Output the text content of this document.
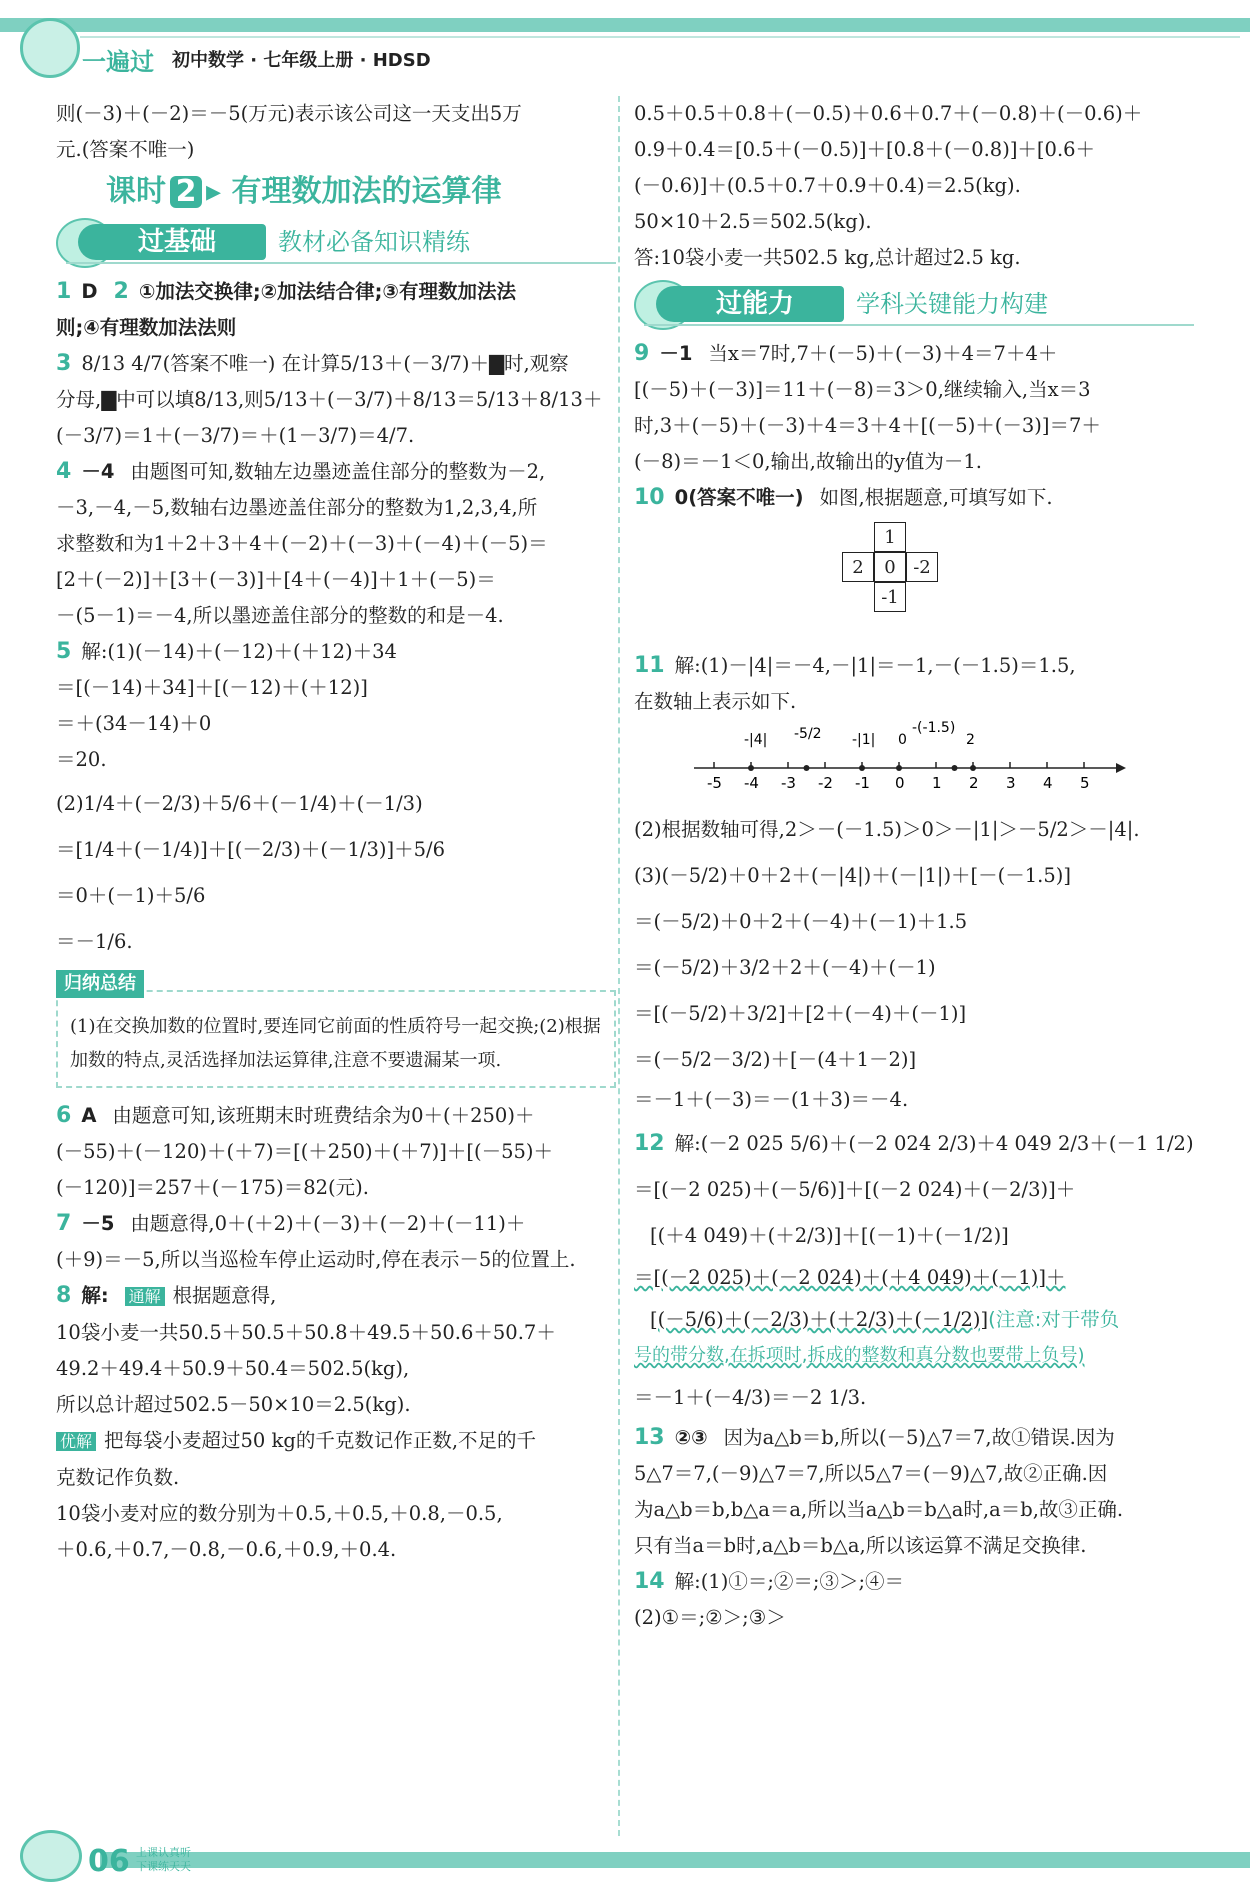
一遍过 初中数学 · 七年级上册 · HDSD

则(－3)＋(－2)＝－5(万元)表示该公司这一天支出5万

元.(答案不唯一)

课时 2 ▸ 有理数加法的运算律
过基础	教材必备知识精练

1 D 2 ①加法交换律;②加法结合律;③有理数加法法

则;④有理数加法法则

3 8/13 4/7(答案不唯一) 在计算5/13＋(－3/7)＋▇时,观察

分母,▇中可以填8/13,则5/13＋(－3/7)＋8/13＝5/13＋8/13＋

(－3/7)＝1＋(－3/7)＝＋(1－3/7)＝4/7.

4 －4 由题图可知,数轴左边墨迹盖住部分的整数为－2,

－3,－4,－5,数轴右边墨迹盖住部分的整数为1,2,3,4,所

求整数和为1＋2＋3＋4＋(－2)＋(－3)＋(－4)＋(－5)＝

[2＋(－2)]＋[3＋(－3)]＋[4＋(－4)]＋1＋(－5)＝

－(5－1)＝－4,所以墨迹盖住部分的整数的和是－4.

5 解:(1)(－14)＋(－12)＋(＋12)＋34

＝[(－14)＋34]＋[(－12)＋(＋12)]

＝＋(34－14)＋0

＝20.

(2)1/4＋(－2/3)＋5/6＋(－1/4)＋(－1/3)

＝[1/4＋(－1/4)]＋[(－2/3)＋(－1/3)]＋5/6

＝0＋(－1)＋5/6

＝－1/6.

归纳总结
(1)在交换加数的位置时,要连同它前面的性质符号一起交换;(2)根据加数的特点,灵活选择加法运算律,注意不要遗漏某一项.

6 A 由题意可知,该班期末时班费结余为0＋(＋250)＋

(－55)＋(－120)＋(＋7)＝[(＋250)＋(＋7)]＋[(－55)＋

(－120)]＝257＋(－175)＝82(元).

7 －5 由题意得,0＋(＋2)＋(－3)＋(－2)＋(－11)＋

(＋9)＝－5,所以当巡检车停止运动时,停在表示－5的位置上.

8 解: 通解 根据题意得,

10袋小麦一共50.5＋50.5＋50.8＋49.5＋50.6＋50.7＋

49.2＋49.4＋50.9＋50.4＝502.5(kg),

所以总计超过502.5－50×10＝2.5(kg).

优解 把每袋小麦超过50 kg的千克数记作正数,不足的千

克数记作负数.

10袋小麦对应的数分别为＋0.5,＋0.5,＋0.8,－0.5,

＋0.6,＋0.7,－0.8,－0.6,＋0.9,＋0.4.

0.5＋0.5＋0.8＋(－0.5)＋0.6＋0.7＋(－0.8)＋(－0.6)＋

0.9＋0.4＝[0.5＋(－0.5)]＋[0.8＋(－0.8)]＋[0.6＋

(－0.6)]＋(0.5＋0.7＋0.9＋0.4)＝2.5(kg).

50×10＋2.5＝502.5(kg).

答:10袋小麦一共502.5 kg,总计超过2.5 kg.

过能力	学科关键能力构建

9 －1 当x＝7时,7＋(－5)＋(－3)＋4＝7＋4＋

[(－5)＋(－3)]＝11＋(－8)＝3＞0,继续输入,当x＝3

时,3＋(－5)＋(－3)＋4＝3＋4＋[(－5)＋(－3)]＝7＋

(－8)＝－1＜0,输出,故输出的y值为－1.

10 0(答案不唯一) 如图,根据题意,可填写如下.

1
2	0 -2
-1

11 解:(1)－|4|＝－4,－|1|＝－1,－(－1.5)＝1.5,

在数轴上表示如下.

-5 -4 -3 -2 -1 0 1 2 3 4 5
-|4| -5/2 -|1| 0
-(-1.5)
2

(2)根据数轴可得,2＞－(－1.5)＞0＞－|1|＞－5/2＞－|4|.

(3)(－5/2)＋0＋2＋(－|4|)＋(－|1|)＋[－(－1.5)]

＝(－5/2)＋0＋2＋(－4)＋(－1)＋1.5

＝(－5/2)＋3/2＋2＋(－4)＋(－1)

＝[(－5/2)＋3/2]＋[2＋(－4)＋(－1)]

＝(－5/2－3/2)＋[－(4＋1－2)]

＝－1＋(－3)＝－(1＋3)＝－4.

12 解:(－2 025 5/6)＋(－2 024 2/3)＋4 049 2/3＋(－1 1/2)

＝[(－2 025)＋(－5/6)]＋[(－2 024)＋(－2/3)]＋

[(＋4 049)＋(＋2/3)]＋[(－1)＋(－1/2)]

＝[(－2 025)＋(－2 024)＋(＋4 049)＋(－1)]＋

[(－5/6)＋(－2/3)＋(＋2/3)＋(－1/2)](注意:对于带负

号的带分数,在拆项时,拆成的整数和真分数也要带上负号)

＝－1＋(－4/3)＝－2 1/3.

13 ②③ 因为a△b＝b,所以(－5)△7＝7,故①错误.因为

5△7＝7,(－9)△7＝7,所以5△7＝(－9)△7,故②正确.因

为a△b＝b,b△a＝a,所以当a△b＝b△a时,a＝b,故③正确.

只有当a＝b时,a△b＝b△a,所以该运算不满足交换律.

14 解:(1)①＝;②＝;③＞;④＝

(2)①＝;②＞;③＞

06 上课认真听
下课练天天
